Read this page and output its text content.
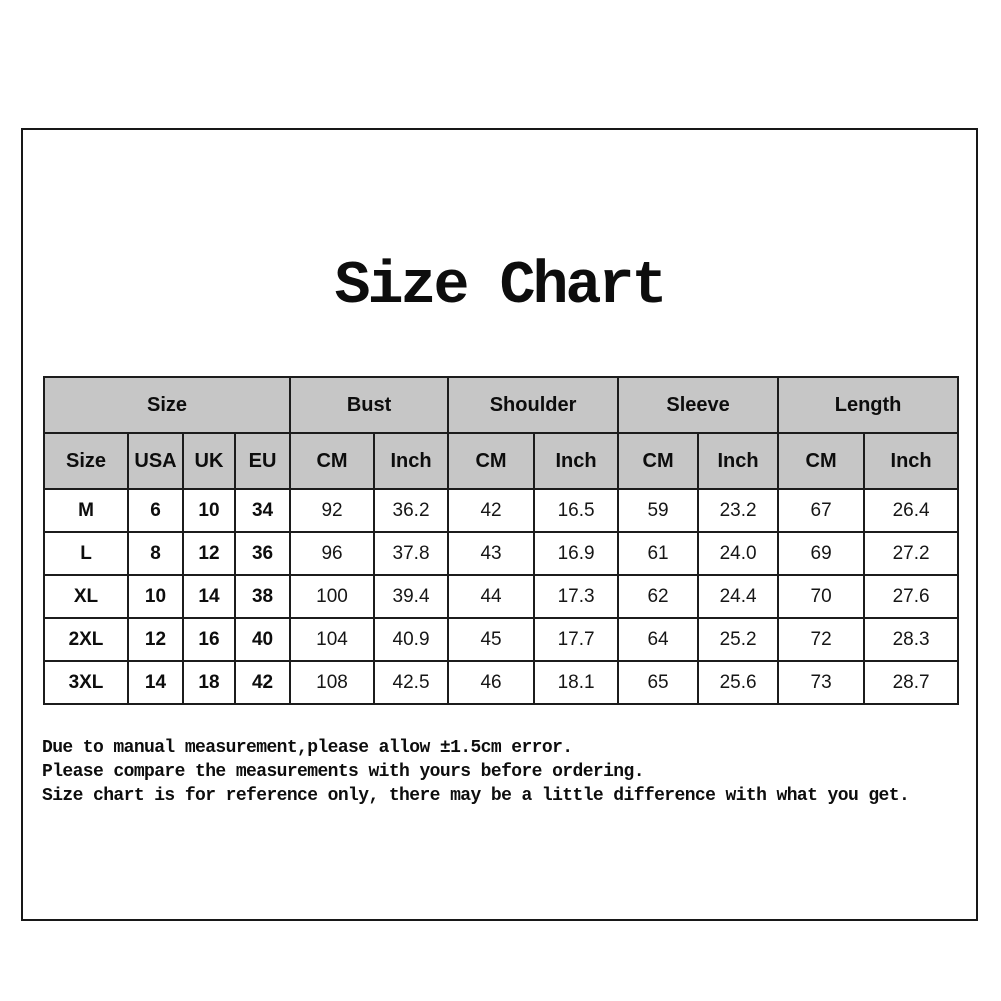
Size Chart
Size				Bust		Shoulder		Sleeve		Length	
Size	USA	UK	EU	CM	Inch	CM	Inch	CM	Inch	CM	Inch
M	6	10	34	92	36.2	42	16.5	59	23.2	67	26.4
L	8	12	36	96	37.8	43	16.9	61	24.0	69	27.2
XL	10	14	38	100	39.4	44	17.3	62	24.4	70	27.6
2XL	12	16	40	104	40.9	45	17.7	64	25.2	72	28.3
3XL	14	18	42	108	42.5	46	18.1	65	25.6	73	28.7
Due to manual measurement,please allow ±1.5cm error.
Please compare the measurements with yours before ordering.
Size chart is for reference only, there may be a little difference with what you get.
